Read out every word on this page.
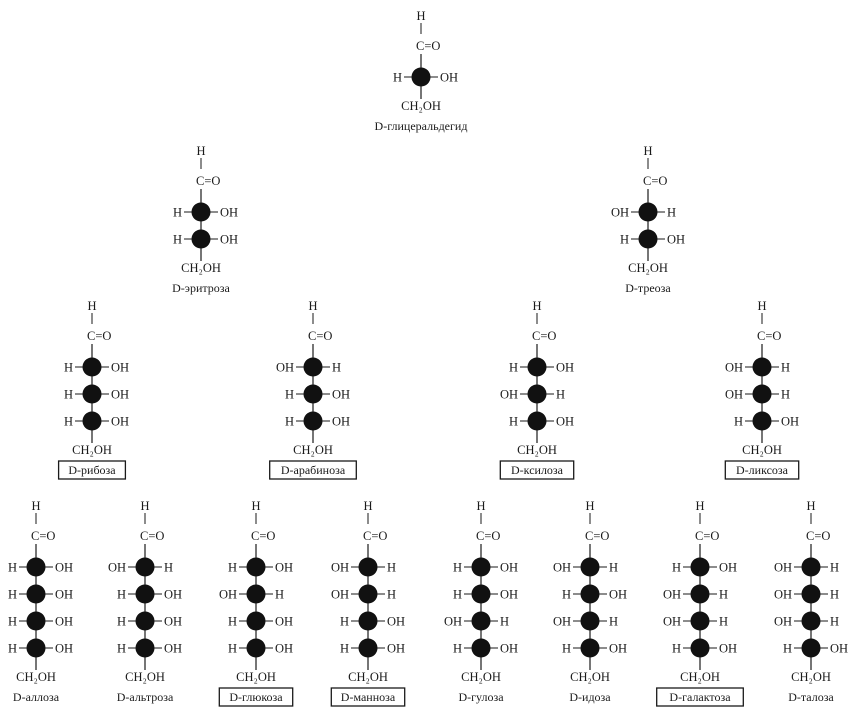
H
C=O
H	OH
CH₂OH
D-глицеральдегид
H
C=O
H	OH
H	OH
CH₂OH
D-эритроза
H
C=O
OH	H
H	OH
CH₂OH
D-треоза
H
C=O
H	OH
H	OH
H	OH
CH₂OH
D-рибоза
H
C=O
OH	H
H	OH
H	OH
CH₂OH
D-арабиноза
H
C=O
H	OH
OH	H
H	OH
CH₂OH
D-ксилоза
H
C=O
OH	H
OH	H
H	OH
CH₂OH
D-ликсоза
H
C=O
H	OH
H	OH
H	OH
H	OH
CH₂OH
D-аллоза
H
C=O
OH	H
H	OH
H	OH
H	OH
CH₂OH
D-альтроза
H
C=O
H	OH
OH	H
H	OH
H	OH
CH₂OH
D-глюкоза
H
C=O
OH	H
OH	H
H	OH
H	OH
CH₂OH
D-манноза
H
C=O
H	OH
H	OH
OH	H
H	OH
CH₂OH
D-гулоза
H
C=O
OH	H
H	OH
OH	H
H	OH
CH₂OH
D-идоза
H
C=O
H	OH
OH	H
OH	H
H	OH
CH₂OH
D-галактоза
H
C=O
OH	H
OH	H
OH	H
H	OH
CH₂OH
D-талоза
